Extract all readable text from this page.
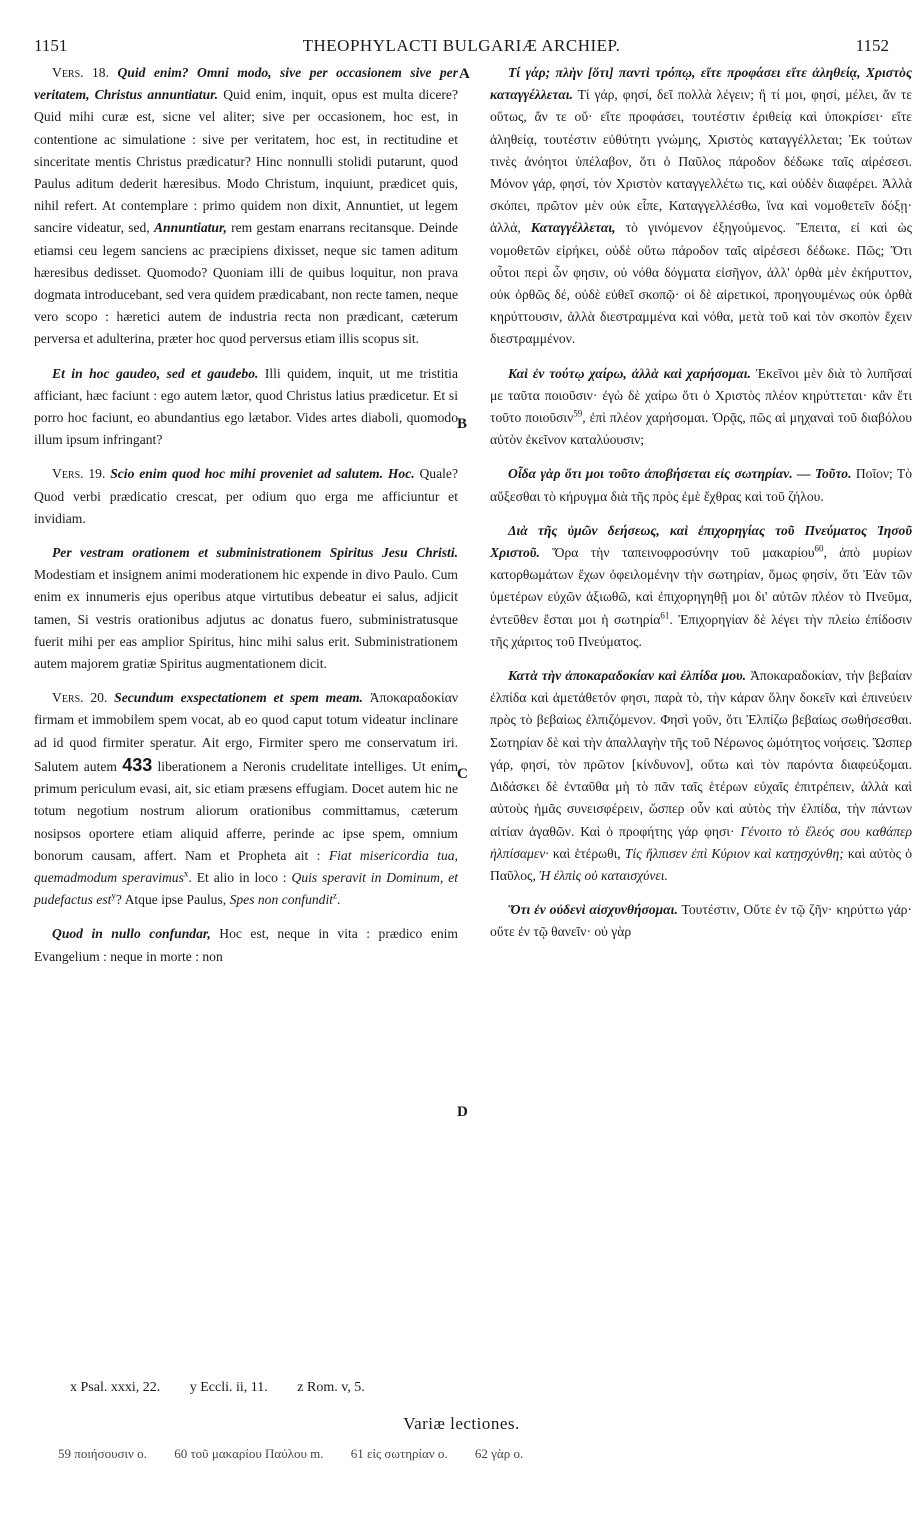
1151	THEOPHYLACTI BULGARIÆ ARCHIEP.	1152
A
B
C
D

Vers. 18. Quid enim? Omni modo, sive per occasionem sive per veritatem, Christus annuntiatur. Quid enim, inquit, opus est multa dicere? Quid mihi curæ est, sicne vel aliter; sive per occasionem, hoc est, in contentione ac simulatione : sive per veritatem, hoc est, in rectitudine et sinceritate mentis Christus prædicatur? Hinc nonnulli stolidi putarunt, quod Paulus aditum dederit hæresibus. Modo Christum, inquiunt, prædicet quis, nihil refert. At contemplare : primo quidem non dixit, Annuntiet, ut legem sancire videatur, sed, Annuntiatur, rem gestam enarrans recitansque. Deinde etiamsi ceu legem sanciens ac præcipiens dixisset, neque sic tamen aditum hæresibus dedisset. Quomodo? Quoniam illi de quibus loquitur, non prava dogmata introducebant, sed vera quidem prædicabant, non recte tamen, neque vero scopo : hæretici autem de industria recta non prædicant, cæterum perversa et adulterina, præter hoc quod perversus etiam illis scopus sit.

Et in hoc gaudeo, sed et gaudebo. Illi quidem, inquit, ut me tristitia afficiant, hæc faciunt : ego autem lætor, quod Christus latius prædicetur. Et si porro hoc faciunt, eo abundantius ego lætabor. Vides artes diaboli, quomodo illum ipsum infringant?

Vers. 19. Scio enim quod hoc mihi proveniet ad salutem. Hoc. Quale? Quod verbi prædicatio crescat, per odium quo erga me afficiuntur et invidiam.

Per vestram orationem et subministrationem Spiritus Jesu Christi. Modestiam et insignem animi moderationem hic expende in divo Paulo. Cum enim ex innumeris ejus operibus atque virtutibus debeatur ei salus, adjicit tamen, Si vestris orationibus adjutus ac donatus fuero, subministratusque fuerit mihi per eas amplior Spiritus, hinc mihi salus erit. Subministrationem autem majorem gratiæ Spiritus augmentationem dicit.

Vers. 20. Secundum exspectationem et spem meam. Ἀποκαραδοκίαν firmam et immobilem spem vocat, ab eo quod caput totum videatur inclinare ad id quod firmiter speratur. Ait ergo, Firmiter spero me conservatum iri. Salutem autem 433 liberationem a Neronis crudelitate intelliges. Ut enim primum periculum evasi, ait, sic etiam præsens effugiam. Docet autem hic ne totum negotium nostrum aliorum orationibus committamus, cæterum nosipsos oportere etiam aliquid afferre, perinde ac ipse spem, omnium bonorum causam, affert. Nam et Propheta ait : Fiat misericordia tua, quemadmodum speravimus$^x$. Et alio in loco : Quis speravit in Dominum, et pudefactus est$^y$? Atque ipse Paulus, Spes non confundit$^z$.

Quod in nullo confundar, Hoc est, neque in vita : prædico enim Evangelium : neque in morte : non

Τί γάρ; πλὴν [ὅτι] παντὶ τρόπῳ, εἴτε προφάσει εἴτε ἀληθείᾳ, Χριστὸς καταγγέλλεται. Τί γάρ, φησί, δεῖ πολλὰ λέγειν; ἢ τί μοι, φησί, μέλει, ἄν τε οὕτως, ἄν τε οὔ· εἴτε προφάσει, τουτέστιν ἐριθείᾳ καὶ ὑποκρίσει· εἴτε ἀληθείᾳ, τουτέστιν εὐθύτητι γνώμης, Χριστὸς καταγγέλλεται; Ἐκ τούτων τινὲς ἀνόητοι ὑπέλαβον, ὅτι ὁ Παῦλος πάροδον δέδωκε ταῖς αἱρέσεσι. Μόνον γάρ, φησί, τὸν Χριστὸν καταγγελλέτω τις, καὶ οὐδὲν διαφέρει. Ἀλλὰ σκόπει, πρῶτον μὲν οὐκ εἶπε, Καταγγελλέσθω, ἵνα καὶ νομοθετεῖν δόξῃ· ἀλλά, Καταγγέλλεται, τὸ γινόμενον ἐξηγούμενος. Ἔπειτα, εἰ καὶ ὡς νομοθετῶν εἰρήκει, οὐδὲ οὕτω πάροδον ταῖς αἱρέσεσι δέδωκε. Πῶς; Ὅτι οὗτοι περὶ ὧν φησιν, οὐ νόθα δόγματα εἰσῆγον, ἀλλ' ὀρθὰ μὲν ἐκήρυττον, οὐκ ὀρθῶς δέ, οὐδὲ εὐθεῖ σκοπῷ· οἱ δὲ αἱρετικοί, προηγουμένως οὐκ ὀρθὰ κηρύττουσιν, ἀλλὰ διεστραμμένα καὶ νόθα, μετὰ τοῦ καὶ τὸν σκοπὸν ἔχειν διεστραμμένον.

Καὶ ἐν τούτῳ χαίρω, ἀλλὰ καὶ χαρήσομαι. Ἐκεῖνοι μὲν διὰ τὸ λυπῆσαί με ταῦτα ποιοῦσιν· ἐγὼ δὲ χαίρω ὅτι ὁ Χριστὸς πλέον κηρύττεται· κἂν ἔτι τοῦτο ποιοῦσιν$^{59}$, ἐπὶ πλέον χαρήσομαι. Ὁρᾷς, πῶς αἱ μηχαναὶ τοῦ διαβόλου αὐτὸν ἐκεῖνον καταλύουσιν;

Οἶδα γὰρ ὅτι μοι τοῦτο ἀποβήσεται εἰς σωτηρίαν. — Τοῦτο. Ποῖον; Τὸ αὔξεσθαι τὸ κήρυγμα διὰ τῆς πρὸς ἐμὲ ἔχθρας καὶ τοῦ ζήλου.

Διὰ τῆς ὑμῶν δεήσεως, καὶ ἐπιχορηγίας τοῦ Πνεύματος Ἰησοῦ Χριστοῦ. Ὅρα τὴν ταπεινοφροσύνην τοῦ μακαρίου$^{60}$, ἀπὸ μυρίων κατορθωμάτων ἔχων ὀφειλομένην τὴν σωτηρίαν, ὅμως φησίν, ὅτι Ἐὰν τῶν ὑμετέρων εὐχῶν ἀξιωθῶ, καὶ ἐπιχορηγηθῇ μοι δι' αὐτῶν πλέον τὸ Πνεῦμα, ἐντεῦθεν ἔσται μοι ἡ σωτηρία$^{61}$. Ἐπιχορηγίαν δὲ λέγει τὴν πλείω ἐπίδοσιν τῆς χάριτος τοῦ Πνεύματος.

Κατὰ τὴν ἀποκαραδοκίαν καὶ ἐλπίδα μου. Ἀποκαραδοκίαν, τὴν βεβαίαν ἐλπίδα καὶ ἀμετάθετόν φησι, παρὰ τὸ, τὴν κάραν ὅλην δοκεῖν καὶ ἐπινεύειν πρὸς τὸ βεβαίως ἐλπιζόμενον. Φησὶ γοῦν, ὅτι Ἐλπίζω βεβαίως σωθήσεσθαι. Σωτηρίαν δὲ καὶ τὴν ἀπαλλαγὴν τῆς τοῦ Νέρωνος ὠμότητος νοήσεις. Ὥσπερ γάρ, φησί, τὸν πρῶτον [κίνδυνον], οὕτω καὶ τὸν παρόντα διαφεύξομαι. Διδάσκει δὲ ἐνταῦθα μὴ τὸ πᾶν ταῖς ἑτέρων εὐχαῖς ἐπιτρέπειν, ἀλλὰ καὶ αὐτοὺς ἡμᾶς συνεισφέρειν, ὥσπερ οὖν καὶ αὐτὸς τὴν ἐλπίδα, τὴν πάντων αἰτίαν ἀγαθῶν. Καὶ ὁ προφήτης γάρ φησι· Γένοιτο τὸ ἔλεός σου καθάπερ ἠλπίσαμεν· καὶ ἑτέρωθι, Τίς ἤλπισεν ἐπὶ Κύριον καὶ κατῃσχύνθη; καὶ αὐτὸς ὁ Παῦλος, Ἡ ἐλπὶς οὐ καταισχύνει.

Ὅτι ἐν οὐδενὶ αἰσχυνθήσομαι. Τουτέστιν, Οὔτε ἐν τῷ ζῆν· κηρύττω γάρ· οὔτε ἐν τῷ θανεῖν· οὐ γὰρ

x Psal. xxxi, 22. y Eccli. ii, 11. z Rom. v, 5.
Variæ lectiones.
59 ποιήσουσιν o. 60 τοῦ μακαρίου Παύλου m. 61 εἰς σωτηρίαν o. 62 γὰρ o.
